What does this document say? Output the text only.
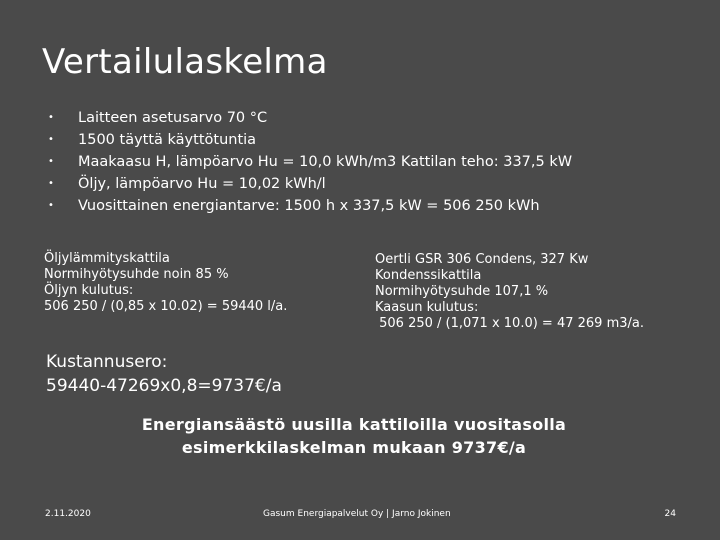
Vertailulaskelma
• Laitteen asetusarvo 70 °C
• 1500 täyttä käyttötuntia
• Maakaasu H, lämpöarvo Hu = 10,0 kWh/m3 Kattilan teho: 337,5 kW
• Öljy, lämpöarvo Hu = 10,02 kWh/l
• Vuosittainen energiantarve: 1500 h x 337,5 kW = 506 250 kWh
Öljylämmityskattila
Normihyötysuhde noin 85 %
Öljyn kulutus:
506 250 / (0,85 x 10.02) = 59440 l/a.
Oertli GSR 306 Condens, 327 Kw
Kondenssikattila
Normihyötysuhde 107,1 %
Kaasun kulutus:
506 250 / (1,071 x 10.0) = 47 269 m3/a.
Kustannusero:
59440-47269x0,8=9737€/a
Energiansäästö uusilla kattiloilla vuositasolla
esimerkkilaskelman mukaan 9737€/a
2.11.2020	Gasum Energiapalvelut Oy | Jarno Jokinen	24
